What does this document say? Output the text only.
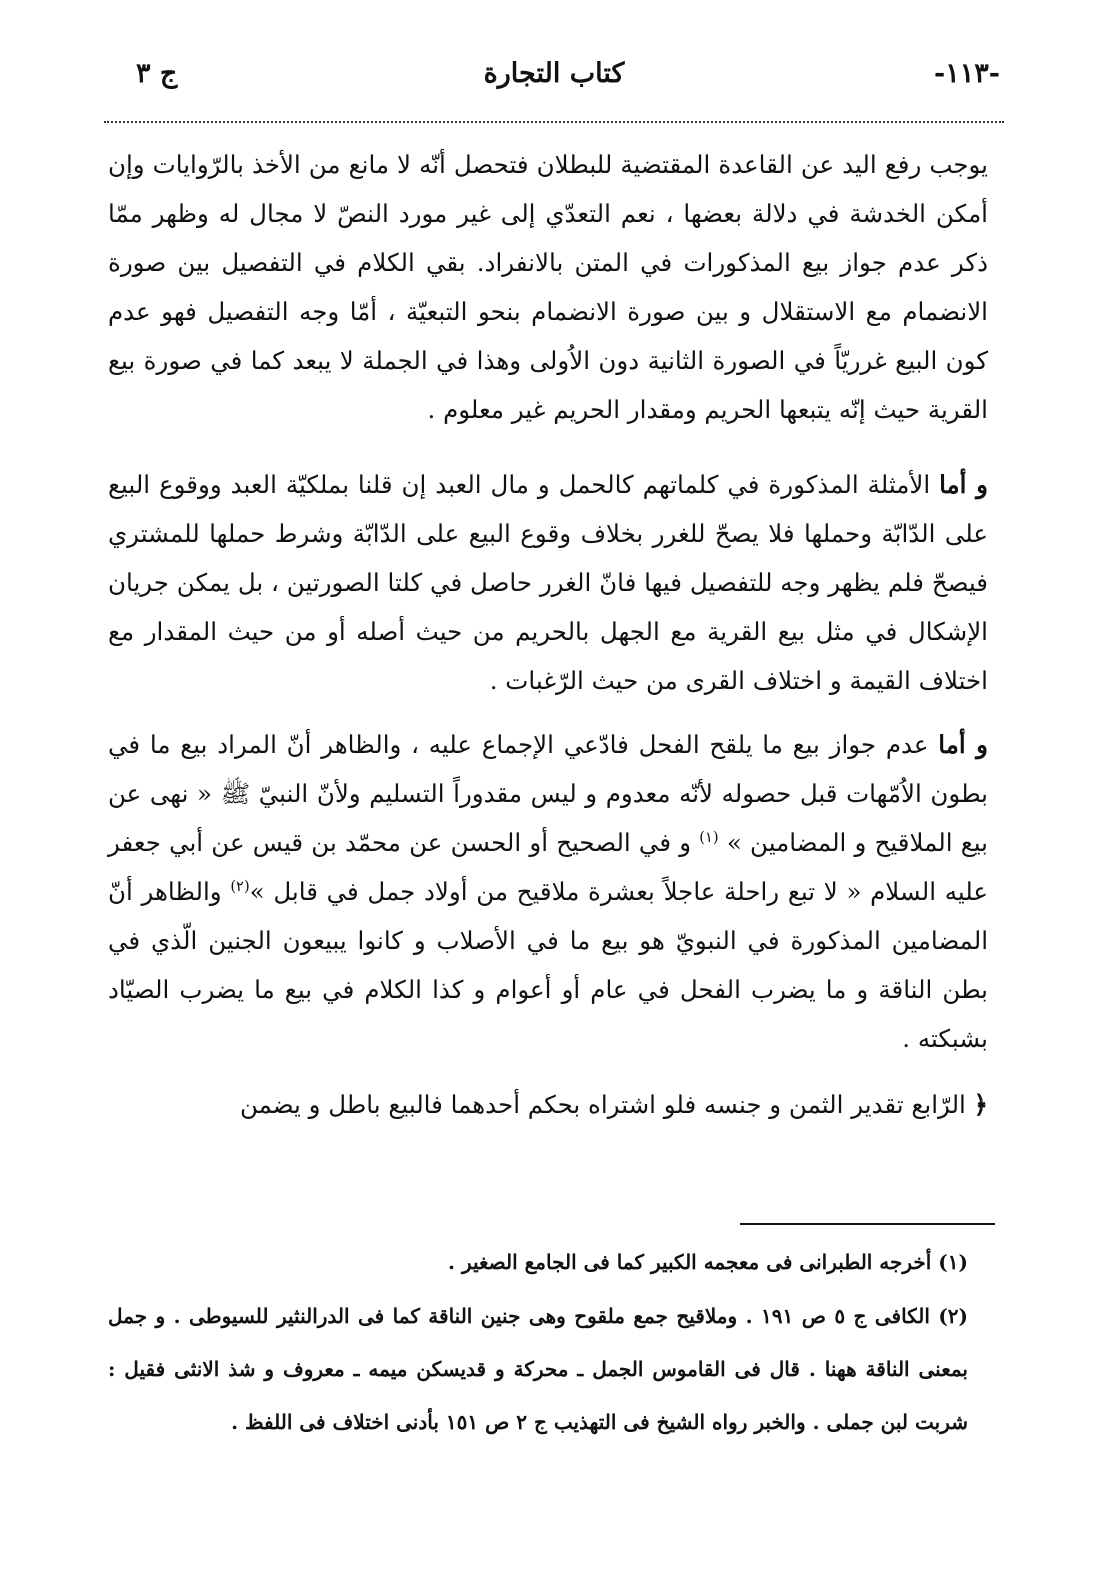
ج ٣	كتاب التجارة	-١١٣-

يوجب رفع اليد عن القاعدة المقتضية للبطلان فتحصل أنّه لا مانع من الأخذ بالرّوايات وإن أمكن الخدشة في دلالة بعضها ، نعم التعدّي إلى غير مورد النصّ لا مجال له وظهر ممّا ذكر عدم جواز بيع المذكورات في المتن بالانفراد. بقي الكلام في التفصيل بين صورة الانضمام مع الاستقلال و بين صورة الانضمام بنحو التبعيّة ، أمّا وجه التفصيل فهو عدم كون البيع غرريّاً في الصورة الثانية دون الاُولى وهذا في الجملة لا يبعد كما في صورة بيع القرية حيث إنّه يتبعها الحريم ومقدار الحريم غير معلوم .

و أما الأمثلة المذكورة في كلماتهم كالحمل و مال العبد إن قلنا بملكيّة العبد ووقوع البيع على الدّابّة وحملها فلا يصحّ للغرر بخلاف وقوع البيع على الدّابّة وشرط حملها للمشتري فيصحّ فلم يظهر وجه للتفصيل فيها فانّ الغرر حاصل في كلتا الصورتين ، بل يمكن جريان الإشكال في مثل بيع القرية مع الجهل بالحريم من حيث أصله أو من حيث المقدار مع اختلاف القيمة و اختلاف القرى من حيث الرّغبات .

و أما عدم جواز بيع ما يلقح الفحل فادّعي الإجماع عليه ، والظاهر أنّ المراد بيع ما في بطون الاُمّهات قبل حصوله لأنّه معدوم و ليس مقدوراً التسليم ولأنّ النبيّ ﷺ « نهى عن بيع الملاقيح و المضامين » $^{(١)}$ و في الصحيح أو الحسن عن محمّد بن قيس عن أبي جعفر عليه السلام « لا تبع راحلة عاجلاً بعشرة ملاقيح من أولاد جمل في قابل »$^{(٢)}$ والظاهر أنّ المضامين المذكورة في النبويّ هو بيع ما في الأصلاب و كانوا يبيعون الجنين الّذي في بطن الناقة و ما يضرب الفحل في عام أو أعوام و كذا الكلام في بيع ما يضرب الصيّاد بشبكته .

﴿ الرّابع تقدير الثمن و جنسه فلو اشتراه بحكم أحدهما فالبيع باطل و يضمن

(١) أخرجه الطبرانى فى معجمه الكبير كما فى الجامع الصغير .

(٢) الكافى ج ٥ ص ١٩١ . وملاقيح جمع ملقوح وهى جنين الناقة كما فى الدرالنثير للسيوطى . و جمل بمعنى الناقة ههنا . قال فى القاموس الجمل ـ محركة و قديسكن ميمه ـ معروف و شذ الانثى فقيل : شربت لبن جملى . والخبر رواه الشيخ فى التهذيب ج ٢ ص ١٥١ بأدنى اختلاف فى اللفظ .
